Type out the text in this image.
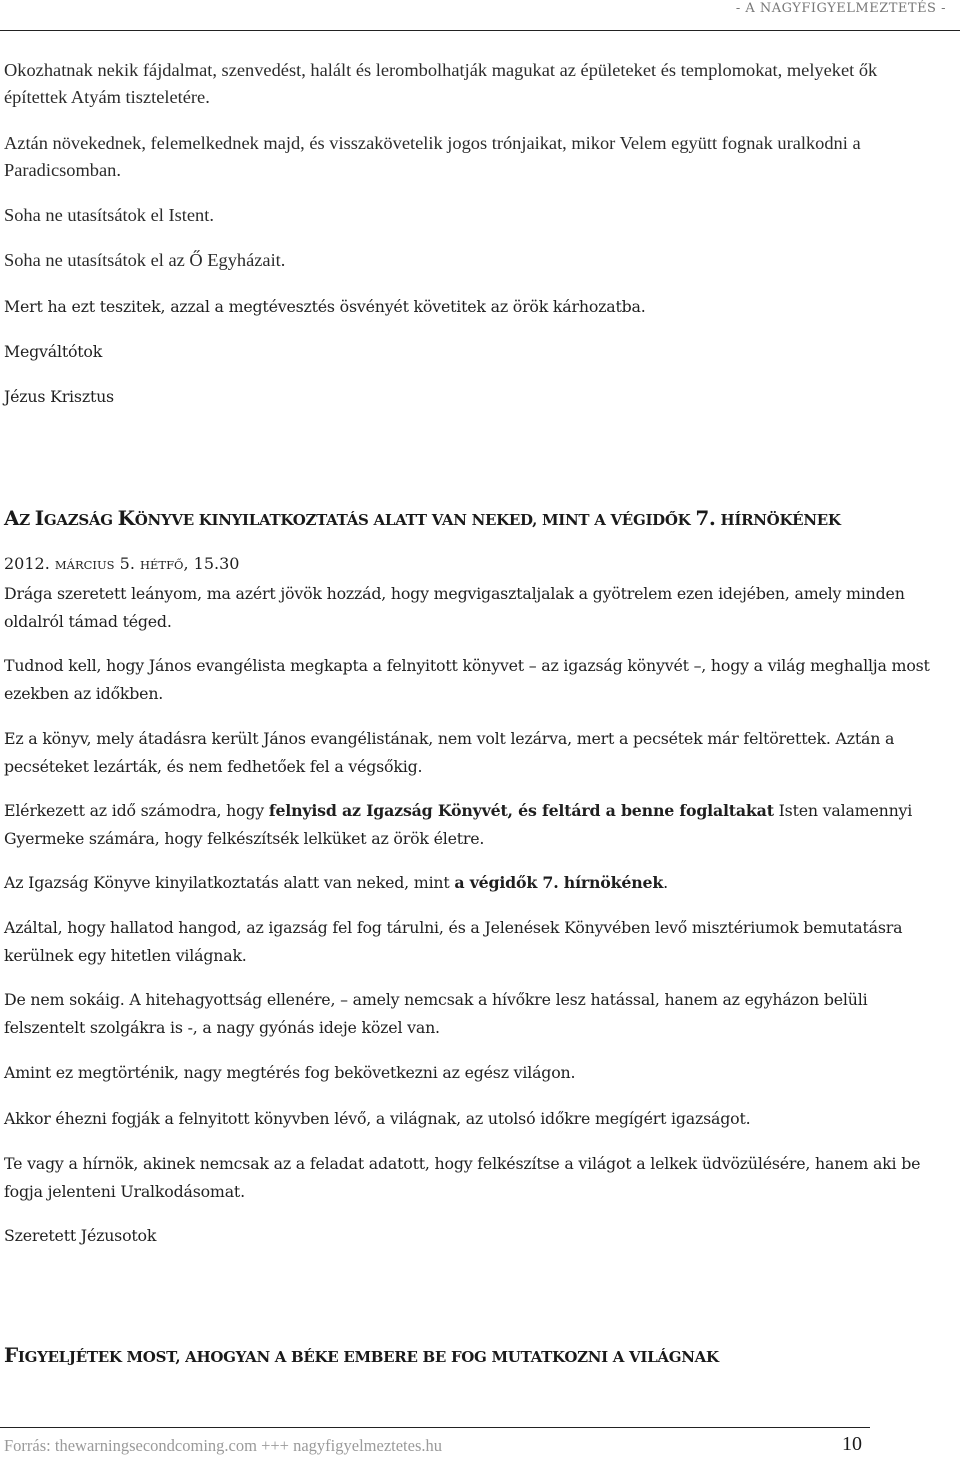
- A NAGYFIGYELMEZTETÉS -
Okozhatnak nekik fájdalmat, szenvedést, halált és lerombolhatják magukat az épületeket és templomokat, melyeket ők építettek Atyám tiszteletére.
Aztán növekednek, felemelkednek majd, és visszakövetelik jogos trónjaikat, mikor Velem együtt fognak uralkodni a Paradicsomban.
Soha ne utasítsátok el Istent.
Soha ne utasítsátok el az Ő Egyházait.
Mert ha ezt teszitek, azzal a megtévesztés ösvényét követitek az örök kárhozatba.
Megváltótok
Jézus Krisztus
AZ IGAZSÁG KÖNYVE KINYILATKOZTATÁS ALATT VAN NEKED, MINT A VÉGIDŐK 7. HÍRNÖKÉNEK
2012. MÁRCIUS 5. HÉTFŐ, 15.30
Drága szeretett leányom, ma azért jövök hozzád, hogy megvigasztaljalak a gyötrelem ezen idejében, amely minden oldalról támad téged.
Tudnod kell, hogy János evangélista megkapta a felnyitott könyvet – az igazság könyvét –, hogy a világ meghallja most ezekben az időkben.
Ez a könyv, mely átadásra került János evangélistának, nem volt lezárva, mert a pecsétek már feltörettek. Aztán a pecséteket lezárták, és nem fedhetőek fel a végsőkig.
Elérkezett az idő számodra, hogy felnyisd az Igazság Könyvét, és feltárd a benne foglaltakat Isten valamennyi Gyermeke számára, hogy felkészítsék lelküket az örök életre.
Az Igazság Könyve kinyilatkoztatás alatt van neked, mint a végidők 7. hírnökének.
Azáltal, hogy hallatod hangod, az igazság fel fog tárulni, és a Jelenések Könyvében levő misztériumok bemutatásra kerülnek egy hitetlen világnak.
De nem sokáig. A hitehagyottság ellenére, – amely nemcsak a hívőkre lesz hatással, hanem az egyházon belüli felszentelt szolgákra is -, a nagy gyónás ideje közel van.
Amint ez megtörténik, nagy megtérés fog bekövetkezni az egész világon.
Akkor éhezni fogják a felnyitott könyvben lévő, a világnak, az utolsó időkre megígért igazságot.
Te vagy a hírnök, akinek nemcsak az a feladat adatott, hogy felkészítse a világot a lelkek üdvözülésére, hanem aki be fogja jelenteni Uralkodásomat.
Szeretett Jézusotok
FIGYELJÉTEK MOST, AHOGYAN A BÉKE EMBERE BE FOG MUTATKOZNI A VILÁGNAK
Forrás: thewarningsecondcoming.com +++ nagyfigyelmeztetes.hu	10
